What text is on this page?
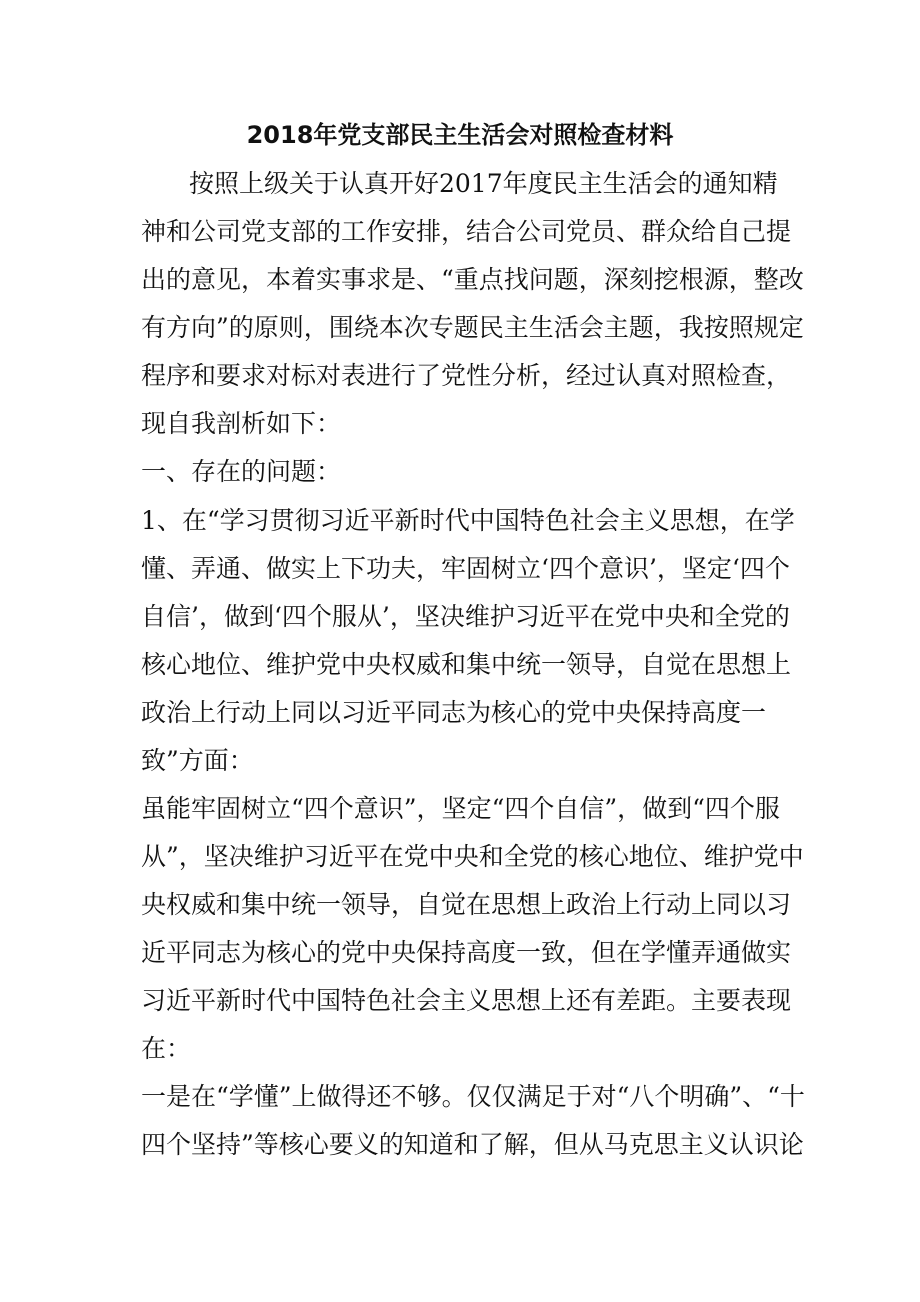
2018年党支部民主生活会对照检查材料
按照上级关于认真开好2017年度民主生活会的通知精
神和公司党支部的工作安排，结合公司党员、群众给自己提
出的意见，本着实事求是、“重点找问题，深刻挖根源，整改
有方向”的原则，围绕本次专题民主生活会主题，我按照规定
程序和要求对标对表进行了党性分析，经过认真对照检查，
现自我剖析如下：
一、存在的问题：
1、在“学习贯彻习近平新时代中国特色社会主义思想，在学
懂、弄通、做实上下功夫，牢固树立‘四个意识’，坚定‘四个
自信’，做到‘四个服从’，坚决维护习近平在党中央和全党的
核心地位、维护党中央权威和集中统一领导，自觉在思想上
政治上行动上同以习近平同志为核心的党中央保持高度一
致”方面：
虽能牢固树立“四个意识”，坚定“四个自信”，做到“四个服
从”，坚决维护习近平在党中央和全党的核心地位、维护党中
央权威和集中统一领导，自觉在思想上政治上行动上同以习
近平同志为核心的党中央保持高度一致，但在学懂弄通做实
习近平新时代中国特色社会主义思想上还有差距。主要表现
在：
一是在“学懂”上做得还不够。仅仅满足于对“八个明确”、“十
四个坚持”等核心要义的知道和了解，但从马克思主义认识论
